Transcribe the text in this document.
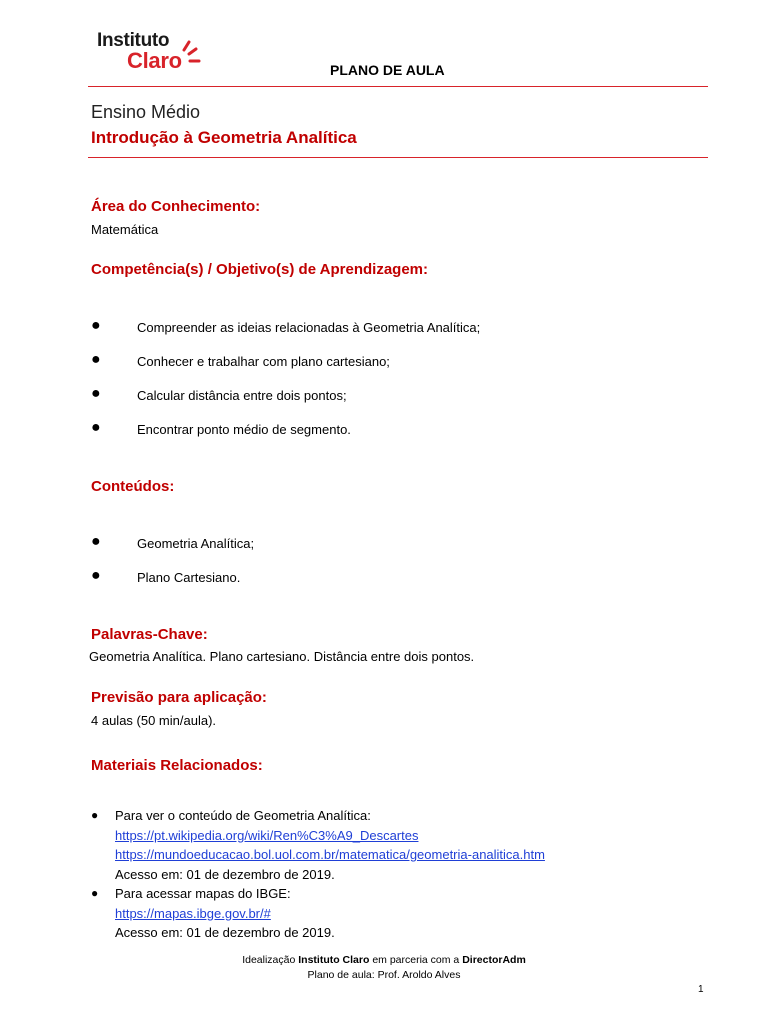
Instituto
Claro	PLANO DE AULA
Ensino Médio
Introdução à Geometria Analítica
Área do Conhecimento:
Matemática
Competência(s) / Objetivo(s) de Aprendizagem:
●	Compreender as ideias relacionadas à Geometria Analítica;
●	Conhecer e trabalhar com plano cartesiano;
●	Calcular distância entre dois pontos;
●	Encontrar ponto médio de segmento.
Conteúdos:
●	Geometria Analítica;
●	Plano Cartesiano.
Palavras-Chave:
Geometria Analítica. Plano cartesiano. Distância entre dois pontos.
Previsão para aplicação:
4 aulas (50 min/aula).
Materiais Relacionados:
● Para ver o conteúdo de Geometria Analítica:
https://pt.wikipedia.org/wiki/Ren%C3%A9_Descartes
https://mundoeducacao.bol.uol.com.br/matematica/geometria-analitica.htm
Acesso em: 01 de dezembro de 2019.
● Para acessar mapas do IBGE:
https://mapas.ibge.gov.br/#
Acesso em: 01 de dezembro de 2019.
Idealização Instituto Claro em parceria com a DirectorAdm
Plano de aula: Prof. Aroldo Alves
1
